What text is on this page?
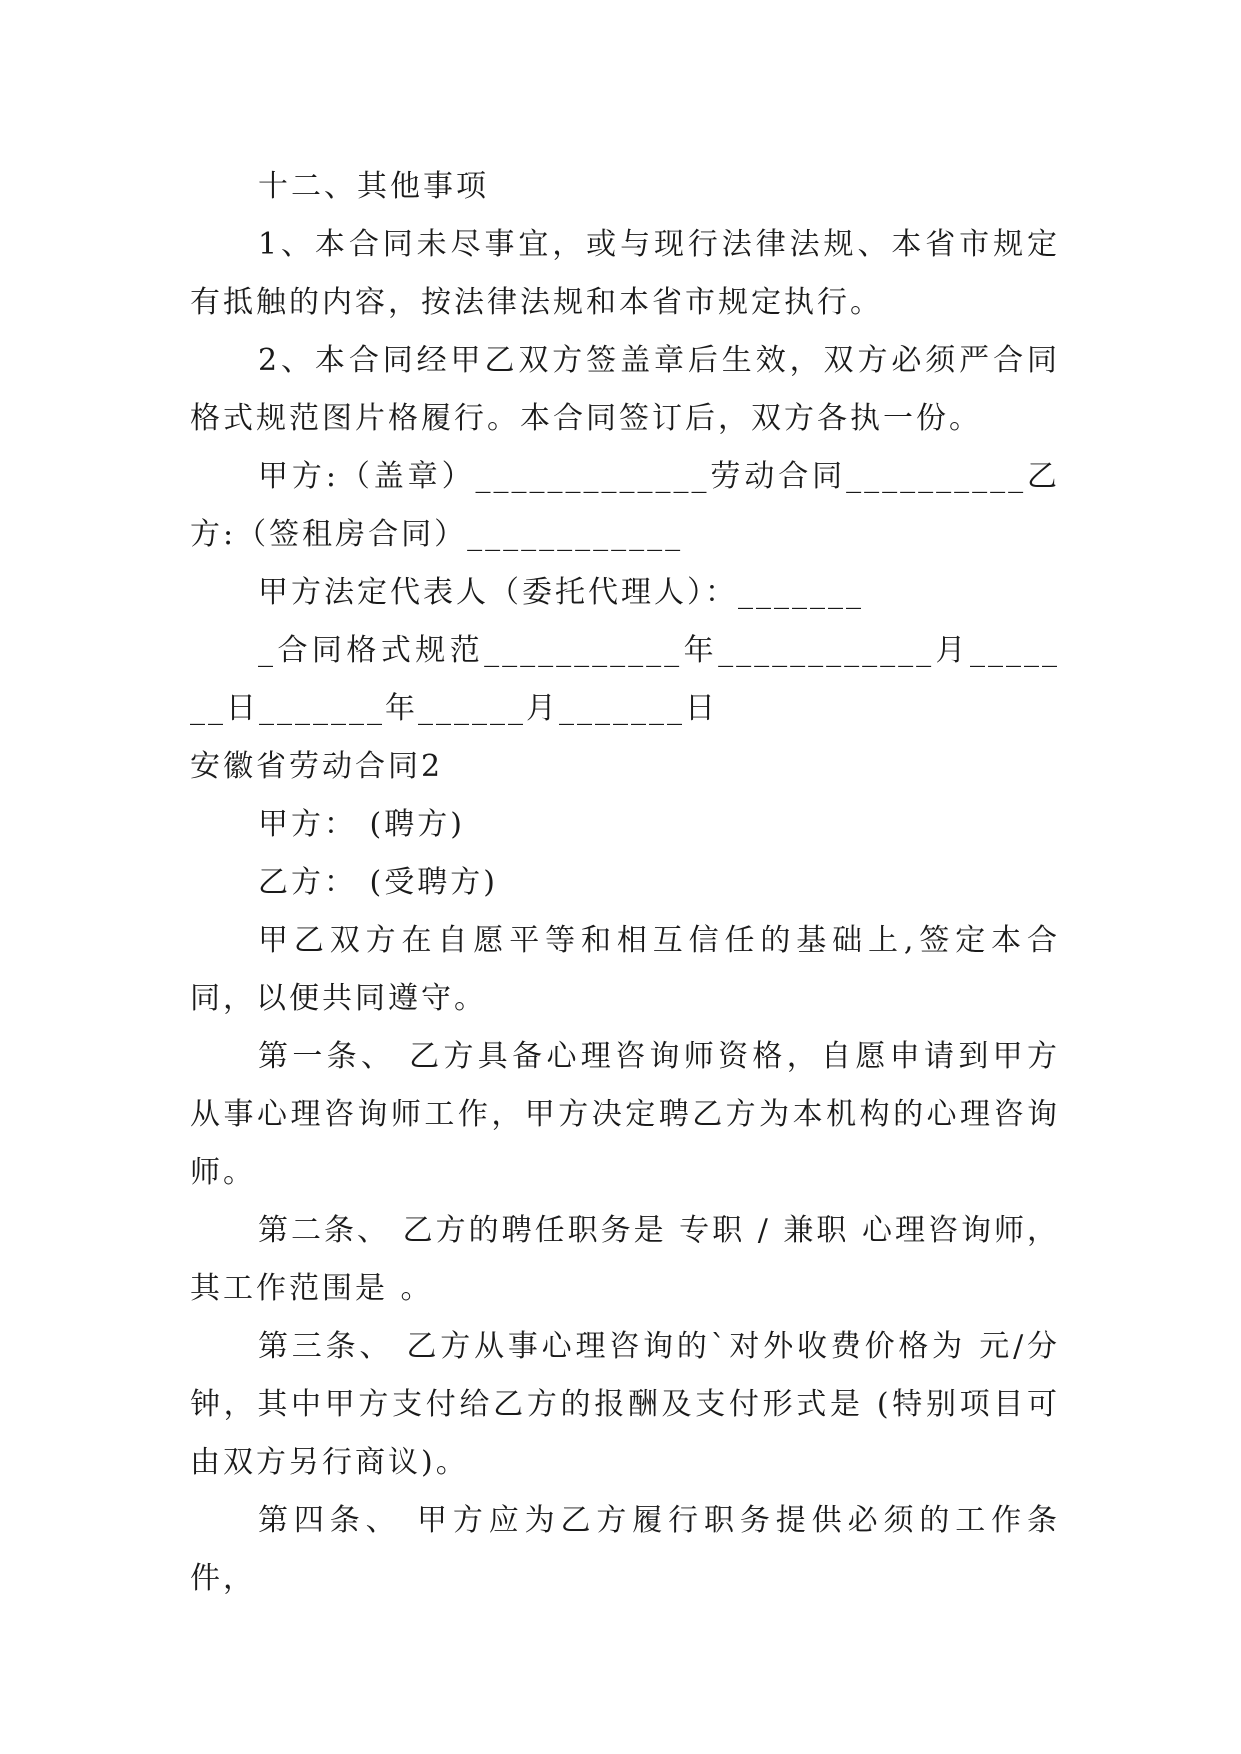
十二、其他事项

1、本合同未尽事宜，或与现行法律法规、本省市规定有抵触的内容，按法律法规和本省市规定执行。

2、本合同经甲乙双方签盖章后生效，双方必须严合同格式规范图片格履行。本合同签订后，双方各执一份。

甲方:（盖章）_____________劳动合同__________乙方:（签租房合同）____________

甲方法定代表人（委托代理人）：_______

_合同格式规范___________年____________月_______日_______年______月_______日

安徽省劳动合同2

甲方： (聘方)

乙方： (受聘方)

甲乙双方在自愿平等和相互信任的基础上,签定本合同，以便共同遵守。

第一条、 乙方具备心理咨询师资格，自愿申请到甲方从事心理咨询师工作，甲方决定聘乙方为本机构的心理咨询师。

第二条、 乙方的聘任职务是 专职 / 兼职 心理咨询师，其工作范围是 。

第三条、 乙方从事心理咨询的`对外收费价格为 元/分钟，其中甲方支付给乙方的报酬及支付形式是 (特别项目可由双方另行商议)。

第四条、 甲方应为乙方履行职务提供必须的工作条件，
